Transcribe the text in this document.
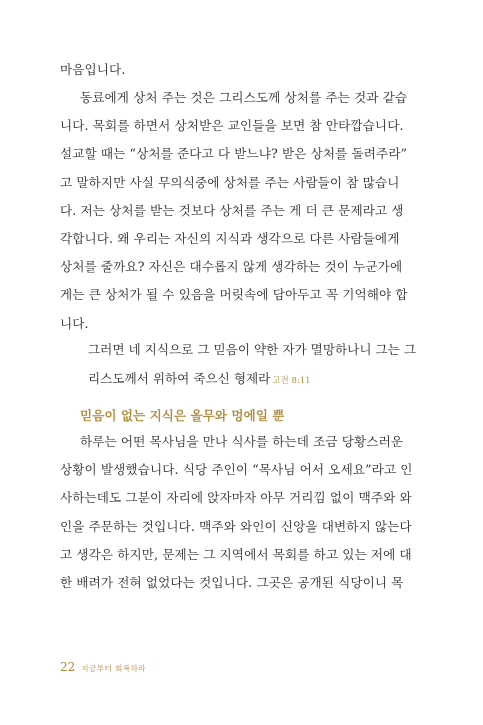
마음입니다.
동료에게 상처 주는 것은 그리스도께 상처를 주는 것과 같습
니다. 목회를 하면서 상처받은 교인들을 보면 참 안타깝습니다.
설교할 때는 “상처를 준다고 다 받느냐? 받은 상처를 돌려주라”
고 말하지만 사실 무의식중에 상처를 주는 사람들이 참 많습니
다. 저는 상처를 받는 것보다 상처를 주는 게 더 큰 문제라고 생
각합니다. 왜 우리는 자신의 지식과 생각으로 다른 사람들에게
상처를 줄까요? 자신은 대수롭지 않게 생각하는 것이 누군가에
게는 큰 상처가 될 수 있음을 머릿속에 담아두고 꼭 기억해야 합
니다.
그러면 네 지식으로 그 믿음이 약한 자가 멸망하나니 그는 그
리스도께서 위하여 죽으신 형제라 고전 8:11
믿음이 없는 지식은 올무와 멍에일 뿐
하루는 어떤 목사님을 만나 식사를 하는데 조금 당황스러운
상황이 발생했습니다. 식당 주인이 “목사님 어서 오세요”라고 인
사하는데도 그분이 자리에 앉자마자 아무 거리낌 없이 맥주와 와
인을 주문하는 것입니다. 맥주와 와인이 신앙을 대변하지 않는다
고 생각은 하지만, 문제는 그 지역에서 목회를 하고 있는 저에 대
한 배려가 전혀 없었다는 것입니다. 그곳은 공개된 식당이니 목
22 지금부터 회복하라
